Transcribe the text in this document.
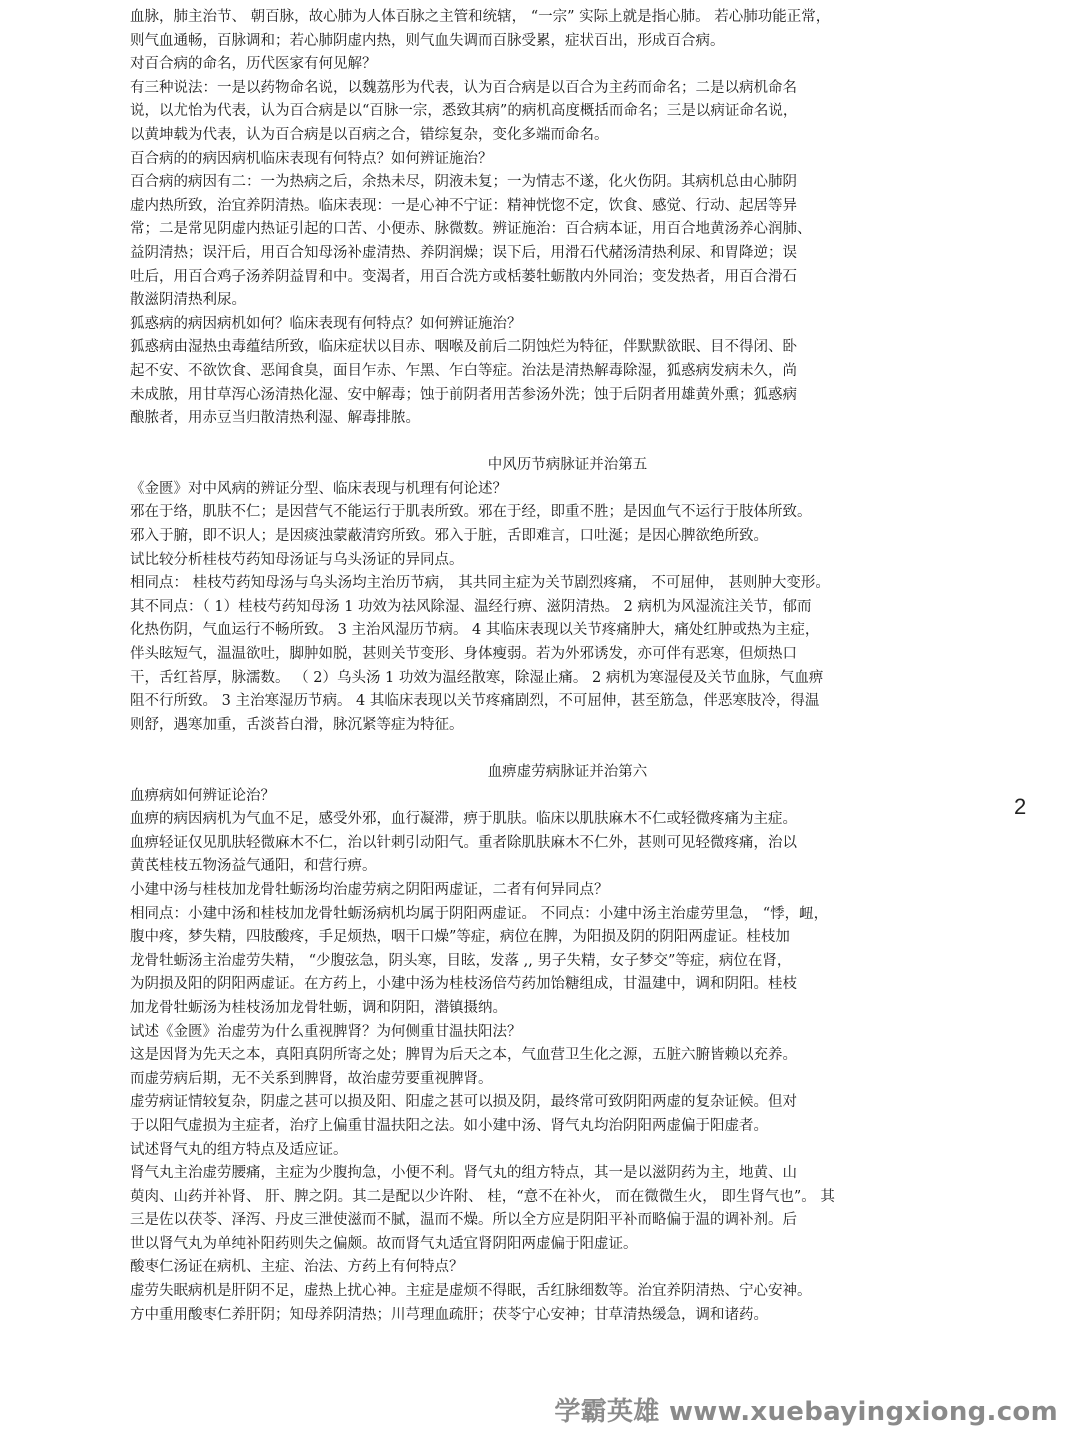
血脉，肺主治节、 朝百脉，故心肺为人体百脉之主管和统辖， “一宗” 实际上就是指心肺。 若心肺功能正常，
则气血通畅，百脉调和；若心肺阴虚内热，则气血失调而百脉受累，症状百出，形成百合病。
对百合病的命名，历代医家有何见解？
有三种说法：一是以药物命名说，以魏荔彤为代表，认为百合病是以百合为主药而命名；二是以病机命名
说，以尤怡为代表，认为百合病是以“百脉一宗，悉致其病”的病机高度概括而命名；三是以病证命名说，
以黄坤载为代表，认为百合病是以百病之合，错综复杂，变化多端而命名。
百合病的的病因病机临床表现有何特点？如何辨证施治？
百合病的病因有二：一为热病之后，余热未尽，阴液未复；一为情志不遂，化火伤阴。其病机总由心肺阴
虚内热所致，治宜养阴清热。临床表现：一是心神不宁证：精神恍惚不定，饮食、感觉、行动、起居等异
常；二是常见阴虚内热证引起的口苦、小便赤、脉微数。辨证施治：百合病本证，用百合地黄汤养心润肺、
益阴清热；误汗后，用百合知母汤补虚清热、养阴润燥；误下后，用滑石代赭汤清热利尿、和胃降逆；误
吐后，用百合鸡子汤养阴益胃和中。变渴者，用百合洗方或栝蒌牡蛎散内外同治；变发热者，用百合滑石
散滋阴清热利尿。
狐惑病的病因病机如何？临床表现有何特点？如何辨证施治？
狐惑病由湿热虫毒蕴结所致，临床症状以目赤、咽喉及前后二阴蚀烂为特征，伴默默欲眠、目不得闭、卧
起不安、不欲饮食、恶闻食臭，面目乍赤、乍黑、乍白等症。治法是清热解毒除湿，狐惑病发病未久，尚
未成脓，用甘草泻心汤清热化湿、安中解毒；蚀于前阴者用苦参汤外洗；蚀于后阴者用雄黄外熏；狐惑病
酿脓者，用赤豆当归散清热利湿、解毒排脓。
中风历节病脉证并治第五
《金匮》对中风病的辨证分型、临床表现与机理有何论述？
邪在于络，肌肤不仁；是因营气不能运行于肌表所致。邪在于经，即重不胜；是因血气不运行于肢体所致。
邪入于腑，即不识人；是因痰浊蒙蔽清窍所致。邪入于脏，舌即难言，口吐涎；是因心脾欲绝所致。
试比较分析桂枝芍药知母汤证与乌头汤证的异同点。
相同点： 桂枝芍药知母汤与乌头汤均主治历节病， 其共同主症为关节剧烈疼痛， 不可屈伸， 甚则肿大变形。
其不同点：（ 1）桂枝芍药知母汤 1 功效为祛风除湿、温经行痹、滋阴清热。 2 病机为风湿流注关节，郁而
化热伤阴，气血运行不畅所致。 3 主治风湿历节病。 4 其临床表现以关节疼痛肿大，痛处红肿或热为主症，
伴头眩短气，温温欲吐，脚肿如脱，甚则关节变形、身体瘦弱。若为外邪诱发，亦可伴有恶寒，但烦热口
干，舌红苔厚，脉濡数。 （ 2）乌头汤 1 功效为温经散寒，除湿止痛。 2 病机为寒湿侵及关节血脉，气血痹
阻不行所致。 3 主治寒湿历节病。 4 其临床表现以关节疼痛剧烈，不可屈伸，甚至筋急，伴恶寒肢冷，得温
则舒，遇寒加重，舌淡苔白滑，脉沉紧等症为特征。
血痹虚劳病脉证并治第六
血痹病如何辨证论治？
血痹的病因病机为气血不足，感受外邪，血行凝滞，痹于肌肤。临床以肌肤麻木不仁或轻微疼痛为主症。
血痹轻证仅见肌肤轻微麻木不仁，治以针刺引动阳气。重者除肌肤麻木不仁外，甚则可见轻微疼痛，治以
黄芪桂枝五物汤益气通阳，和营行痹。
小建中汤与桂枝加龙骨牡蛎汤均治虚劳病之阴阳两虚证，二者有何异同点？
相同点：小建中汤和桂枝加龙骨牡蛎汤病机均属于阴阳两虚证。 不同点：小建中汤主治虚劳里急， “悸，衄，
腹中疼，梦失精，四肢酸疼，手足烦热，咽干口燥”等症，病位在脾，为阳损及阴的阴阳两虚证。桂枝加
龙骨牡蛎汤主治虚劳失精， “少腹弦急，阴头寒，目眩，发落 ,, 男子失精，女子梦交”等症，病位在肾，
为阴损及阳的阴阳两虚证。在方药上，小建中汤为桂枝汤倍芍药加饴糖组成，甘温建中，调和阴阳。桂枝
加龙骨牡蛎汤为桂枝汤加龙骨牡蛎，调和阴阳，潜镇摄纳。
试述《金匮》治虚劳为什么重视脾肾？为何侧重甘温扶阳法？
这是因肾为先天之本，真阳真阴所寄之处；脾胃为后天之本，气血营卫生化之源，五脏六腑皆赖以充养。
而虚劳病后期，无不关系到脾肾，故治虚劳要重视脾肾。
虚劳病证情较复杂，阴虚之甚可以损及阳、阳虚之甚可以损及阴，最终常可致阴阳两虚的复杂证候。但对
于以阳气虚损为主症者，治疗上偏重甘温扶阳之法。如小建中汤、肾气丸均治阴阳两虚偏于阳虚者。
试述肾气丸的组方特点及适应证。
肾气丸主治虚劳腰痛，主症为少腹拘急，小便不利。肾气丸的组方特点，其一是以滋阴药为主，地黄、山
萸肉、山药并补肾、 肝、脾之阴。其二是配以少许附、 桂，“意不在补火， 而在微微生火， 即生肾气也”。 其
三是佐以茯苓、泽泻、丹皮三泄使滋而不腻，温而不燥。所以全方应是阴阳平补而略偏于温的调补剂。后
世以肾气丸为单纯补阳药则失之偏颇。故而肾气丸适宜肾阴阳两虚偏于阳虚证。
酸枣仁汤证在病机、主症、治法、方药上有何特点？
虚劳失眠病机是肝阴不足，虚热上扰心神。主症是虚烦不得眠，舌红脉细数等。治宜养阴清热、宁心安神。
方中重用酸枣仁养肝阴；知母养阴清热；川芎理血疏肝；茯苓宁心安神；甘草清热缓急，调和诸药。
2
学霸英雄 www.xuebayingxiong.com
